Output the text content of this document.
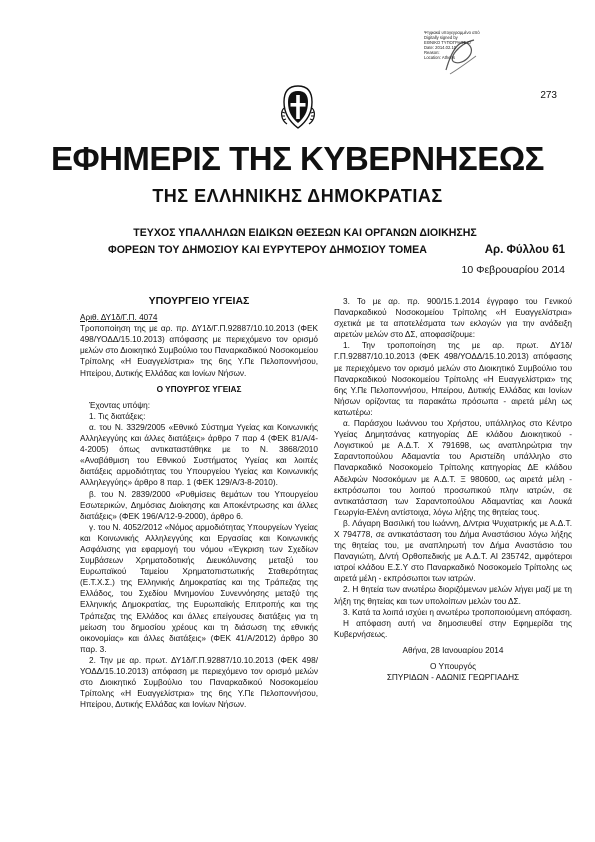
Ψηφιακά υπογεγραμμένο από
Digitally signed by
ΕΘΝΙΚΟ ΤΥΠΟΓΡΑΦΕΙΟ
Date: 2014.02.10
Reason:
Location: Athens
273
ΕΦΗΜΕΡΙΣ ΤΗΣ ΚΥΒΕΡΝΗΣΕΩΣ
ΤΗΣ ΕΛΛΗΝΙΚΗΣ ΔΗΜΟΚΡΑΤΙΑΣ
ΤΕΥΧΟΣ ΥΠΑΛΛΗΛΩΝ ΕΙΔΙΚΩΝ ΘΕΣΕΩΝ ΚΑΙ ΟΡΓΑΝΩΝ ΔΙΟΙΚΗΣΗΣ
ΦΟΡΕΩΝ ΤΟΥ ΔΗΜΟΣΙΟΥ ΚΑΙ ΕΥΡΥΤΕΡΟΥ ΔΗΜΟΣΙΟΥ ΤΟΜΕΑ	Αρ. Φύλλου 61
10 Φεβρουαρίου 2014

ΥΠΟΥΡΓΕΙΟ ΥΓΕΙΑΣ

Αριθ. ΔΥ1δ/Γ.Π. 4074

Τροποποίηση της με αρ. πρ. ΔΥ1δ/Γ.Π.92887/10.10.2013 (ΦΕΚ 498/ΥΟΔΔ/15.10.2013) απόφασης με περιεχόμενο τον ορισμό μελών στο Διοικητικό Συμβούλιο του Παναρκαδικού Νοσοκομείου Τρίπολης «Η Ευαγγελίστρια» της 6ης Υ.Πε Πελοποννήσου, Ηπείρου, Δυτικής Ελλάδας και Ιονίων Νήσων.

Ο ΥΠΟΥΡΓΟΣ ΥΓΕΙΑΣ

Έχοντας υπόψη:

1. Τις διατάξεις:

α. του Ν. 3329/2005 «Εθνικό Σύστημα Υγείας και Κοινωνικής Αλληλεγγύης και άλλες διατάξεις» άρθρο 7 παρ 4 (ΦΕΚ 81/Α/4-4-2005) όπως αντικαταστάθηκε με το Ν. 3868/2010 «Αναβάθμιση του Εθνικού Συστήματος Υγείας και λοιπές διατάξεις αρμοδιότητας του Υπουργείου Υγείας και Κοινωνικής Αλληλεγγύης» άρθρο 8 παρ. 1 (ΦΕΚ 129/Α/3-8-2010).

β. του Ν. 2839/2000 «Ρυθμίσεις θεμάτων του Υπουργείου Εσωτερικών, Δημόσιας Διοίκησης και Αποκέντρωσης και άλλες διατάξεις» (ΦΕΚ 196/Α/12-9-2000), άρθρο 6.

γ. του Ν. 4052/2012 «Νόμος αρμοδιότητας Υπουργείων Υγείας και Κοινωνικής Αλληλεγγύης και Εργασίας και Κοινωνικής Ασφάλισης για εφαρμογή του νόμου «Έγκριση των Σχεδίων Συμβάσεων Χρηματοδοτικής Διευκόλυνσης μεταξύ του Ευρωπαϊκού Ταμείου Χρηματοπιστωτικής Σταθερότητας (Ε.Τ.Χ.Σ.) της Ελληνικής Δημοκρατίας και της Τράπεζας της Ελλάδος, του Σχεδίου Μνημονίου Συνεννόησης μεταξύ της Ελληνικής Δημοκρατίας, της Ευρωπαϊκής Επιτροπής και της Τράπεζας της Ελλάδος και άλλες επείγουσες διατάξεις για τη μείωση του δημοσίου χρέους και τη διάσωση της εθνικής οικονομίας» και άλλες διατάξεις» (ΦΕΚ 41/Α/2012) άρθρο 30 παρ. 3.

2. Την με αρ. πρωτ. ΔΥ1δ/Γ.Π.92887/10.10.2013 (ΦΕΚ 498/ΥΟΔΔ/15.10.2013) απόφαση με περιεχόμενο τον ορισμό μελών στο Διοικητικό Συμβούλιο του Παναρκαδικού Νοσοκομείου Τρίπολης «Η Ευαγγελίστρια» της 6ης Υ.Πε Πελοποννήσου, Ηπείρου, Δυτικής Ελλάδας και Ιονίων Νήσων.

3. Το με αρ. πρ. 900/15.1.2014 έγγραφο του Γενικού Παναρκαδικού Νοσοκομείου Τρίπολης «Η Ευαγγελίστρια» σχετικά με τα αποτελέσματα των εκλογών για την ανάδειξη αιρετών μελών στο ΔΣ, αποφασίζουμε:

1. Την τροποποίηση της με αρ. πρωτ. ΔΥ1δ/Γ.Π.92887/10.10.2013 (ΦΕΚ 498/ΥΟΔΔ/15.10.2013) απόφασης με περιεχόμενο τον ορισμό μελών στο Διοικητικό Συμβούλιο του Παναρκαδικού Νοσοκομείου Τρίπολης «Η Ευαγγελίστρια» της 6ης Υ.Πε Πελοποννήσου, Ηπείρου, Δυτικής Ελλάδας και Ιονίων Νήσων ορίζοντας τα παρακάτω πρόσωπα - αιρετά μέλη ως κατωτέρω:

α. Παράσχου Ιωάννου του Χρήστου, υπάλληλος στο Κέντρο Υγείας Δημητσάνας κατηγορίας ΔΕ κλάδου Διοικητικού - Λογιστικού με Α.Δ.Τ. Χ 791698, ως αναπληρώτρια την Σαραντοπούλου Αδαμαντία του Αριστείδη υπάλληλο στο Παναρκαδικό Νοσοκομείο Τρίπολης κατηγορίας ΔΕ κλάδου Αδελφών Νοσοκόμων με Α.Δ.Τ. Ξ 980600, ως αιρετά μέλη - εκπρόσωποι του λοιπού προσωπικού πλην ιατρών, σε αντικατάσταση των Σαραντοπούλου Αδαμαντίας και Λουκά Γεωργία-Ελένη αντίστοιχα, λόγω λήξης της θητείας τους.

β. Λάγαρη Βασιλική του Ιωάννη, Δ/ντρια Ψυχιατρικής με Α.Δ.Τ. Χ 794778, σε αντικατάσταση του Δήμα Αναστάσιου λόγω λήξης της θητείας του, με αναπληρωτή τον Δήμα Αναστάσιο του Παναγιώτη, Δ/ντή Ορθοπεδικής με Α.Δ.Τ. ΑΙ 235742, αμφότεροι ιατροί κλάδου Ε.Σ.Υ στο Παναρκαδικό Νοσοκομείο Τρίπολης ως αιρετά μέλη - εκπρόσωποι των ιατρών.

2. Η θητεία των ανωτέρω διοριζόμενων μελών λήγει μαζί με τη λήξη της θητείας και των υπολοίπων μελών του ΔΣ.

3. Κατά τα λοιπά ισχύει η ανωτέρω τροποποιούμενη απόφαση.

Η απόφαση αυτή να δημοσιευθεί στην Εφημερίδα της Κυβερνήσεως.

Αθήνα, 28 Ιανουαρίου 2014

Ο Υπουργός

ΣΠΥΡΙΔΩΝ - ΑΔΩΝΙΣ ΓΕΩΡΓΙΑΔΗΣ
